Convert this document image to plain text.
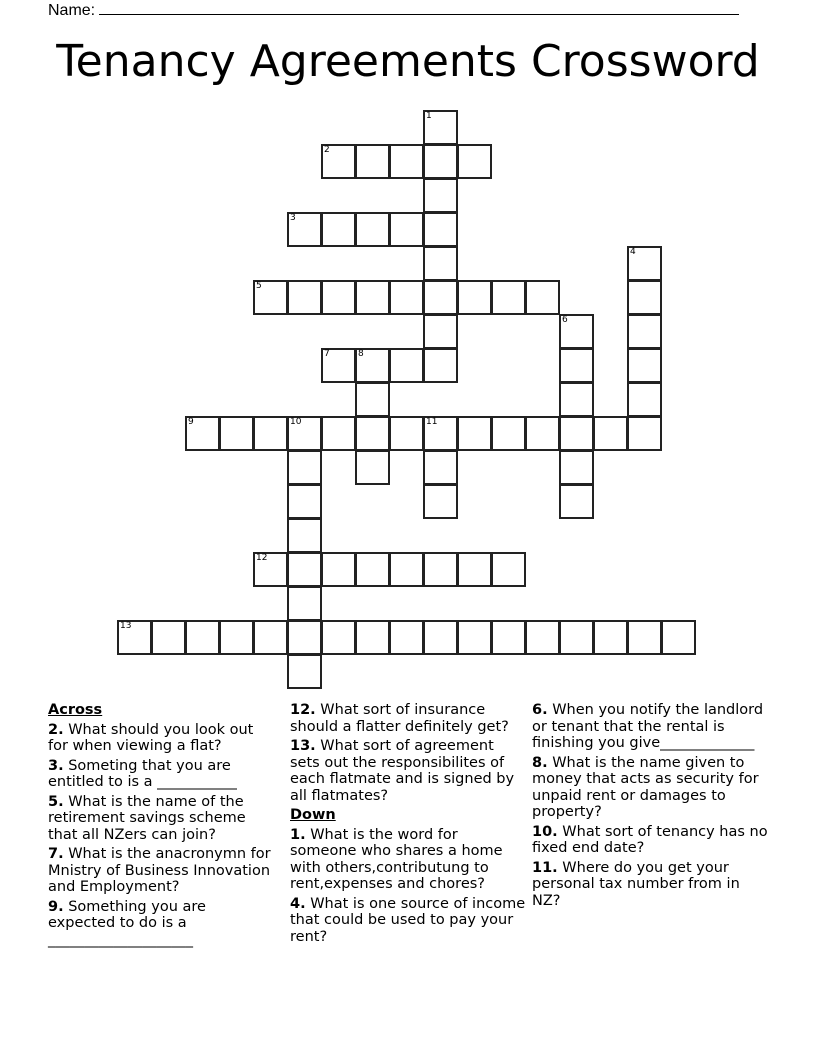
Name:
Tenancy Agreements Crossword
1
2
3
4
5
6
7	8
9	10	11
12
13
Across
2. What should you look out for when viewing a flat?
3. Someting that you are entitled to is a ___________
5. What is the name of the retirement savings scheme that all NZers can join?
7. What is the anacronymn for Mnistry of Business Innovation and Employment?
9. Something you are expected to do is a ____________________
12. What sort of insurance should a flatter definitely get?
13. What sort of agreement sets out the responsibilites of each flatmate and is signed by all flatmates?
Down
1. What is the word for someone who shares a home with others,contributung to rent,expenses and chores?
4. What is one source of income that could be used to pay your rent?
6. When you notify the landlord or tenant that the rental is finishing you give_____________
8. What is the name given to money that acts as security for unpaid rent or damages to property?
10. What sort of tenancy has no fixed end date?
11. Where do you get your personal tax number from in NZ?
